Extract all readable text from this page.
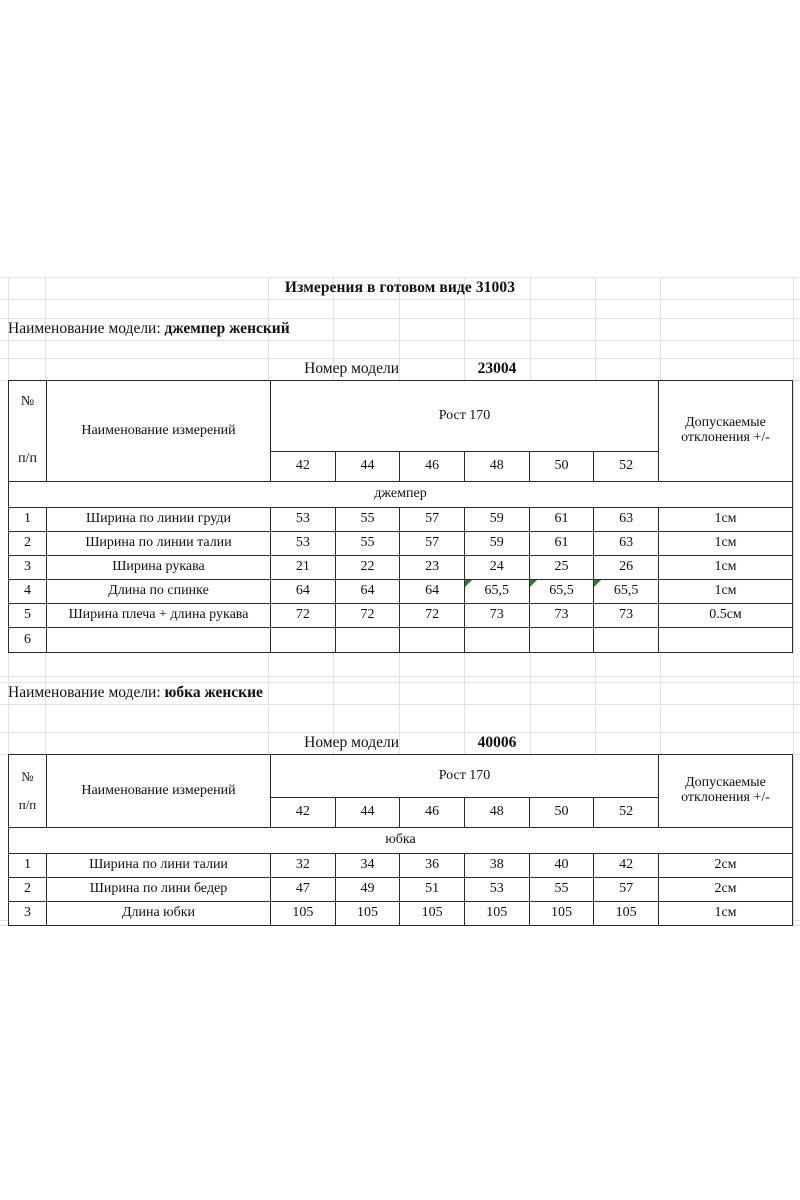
Измерения в готовом виде 31003
Наименование модели:
джемпер женский
Номер модели	23004
№
п/п	Наименование измерений	Рост 170						Допускаемые
отклонения +/-
		42	44	46	48	50	52	
джемпер								
1	Ширина по линии груди	53	55	57	59	61	63	1см
2	Ширина по линии талии	53	55	57	59	61	63	1см
3	Ширина рукава	21	22	23	24	25	26	1см
4	Длина по спинке	64	64	64	65,5	65,5	65,5	1см
5	Ширина плеча + длина рукава	72	72	72	73	73	73	0.5см
6								
Наименование модели:
юбка женские
Номер модели	40006
№
п/п	Наименование измерений	Рост 170						Допускаемые
отклонения +/-
		42	44	46	48	50	52	
юбка								
1	Ширина по лини талии	32	34	36	38	40	42	2см
2	Ширина по лини бедер	47	49	51	53	55	57	2см
3	Длина юбки	105	105	105	105	105	105	1см
